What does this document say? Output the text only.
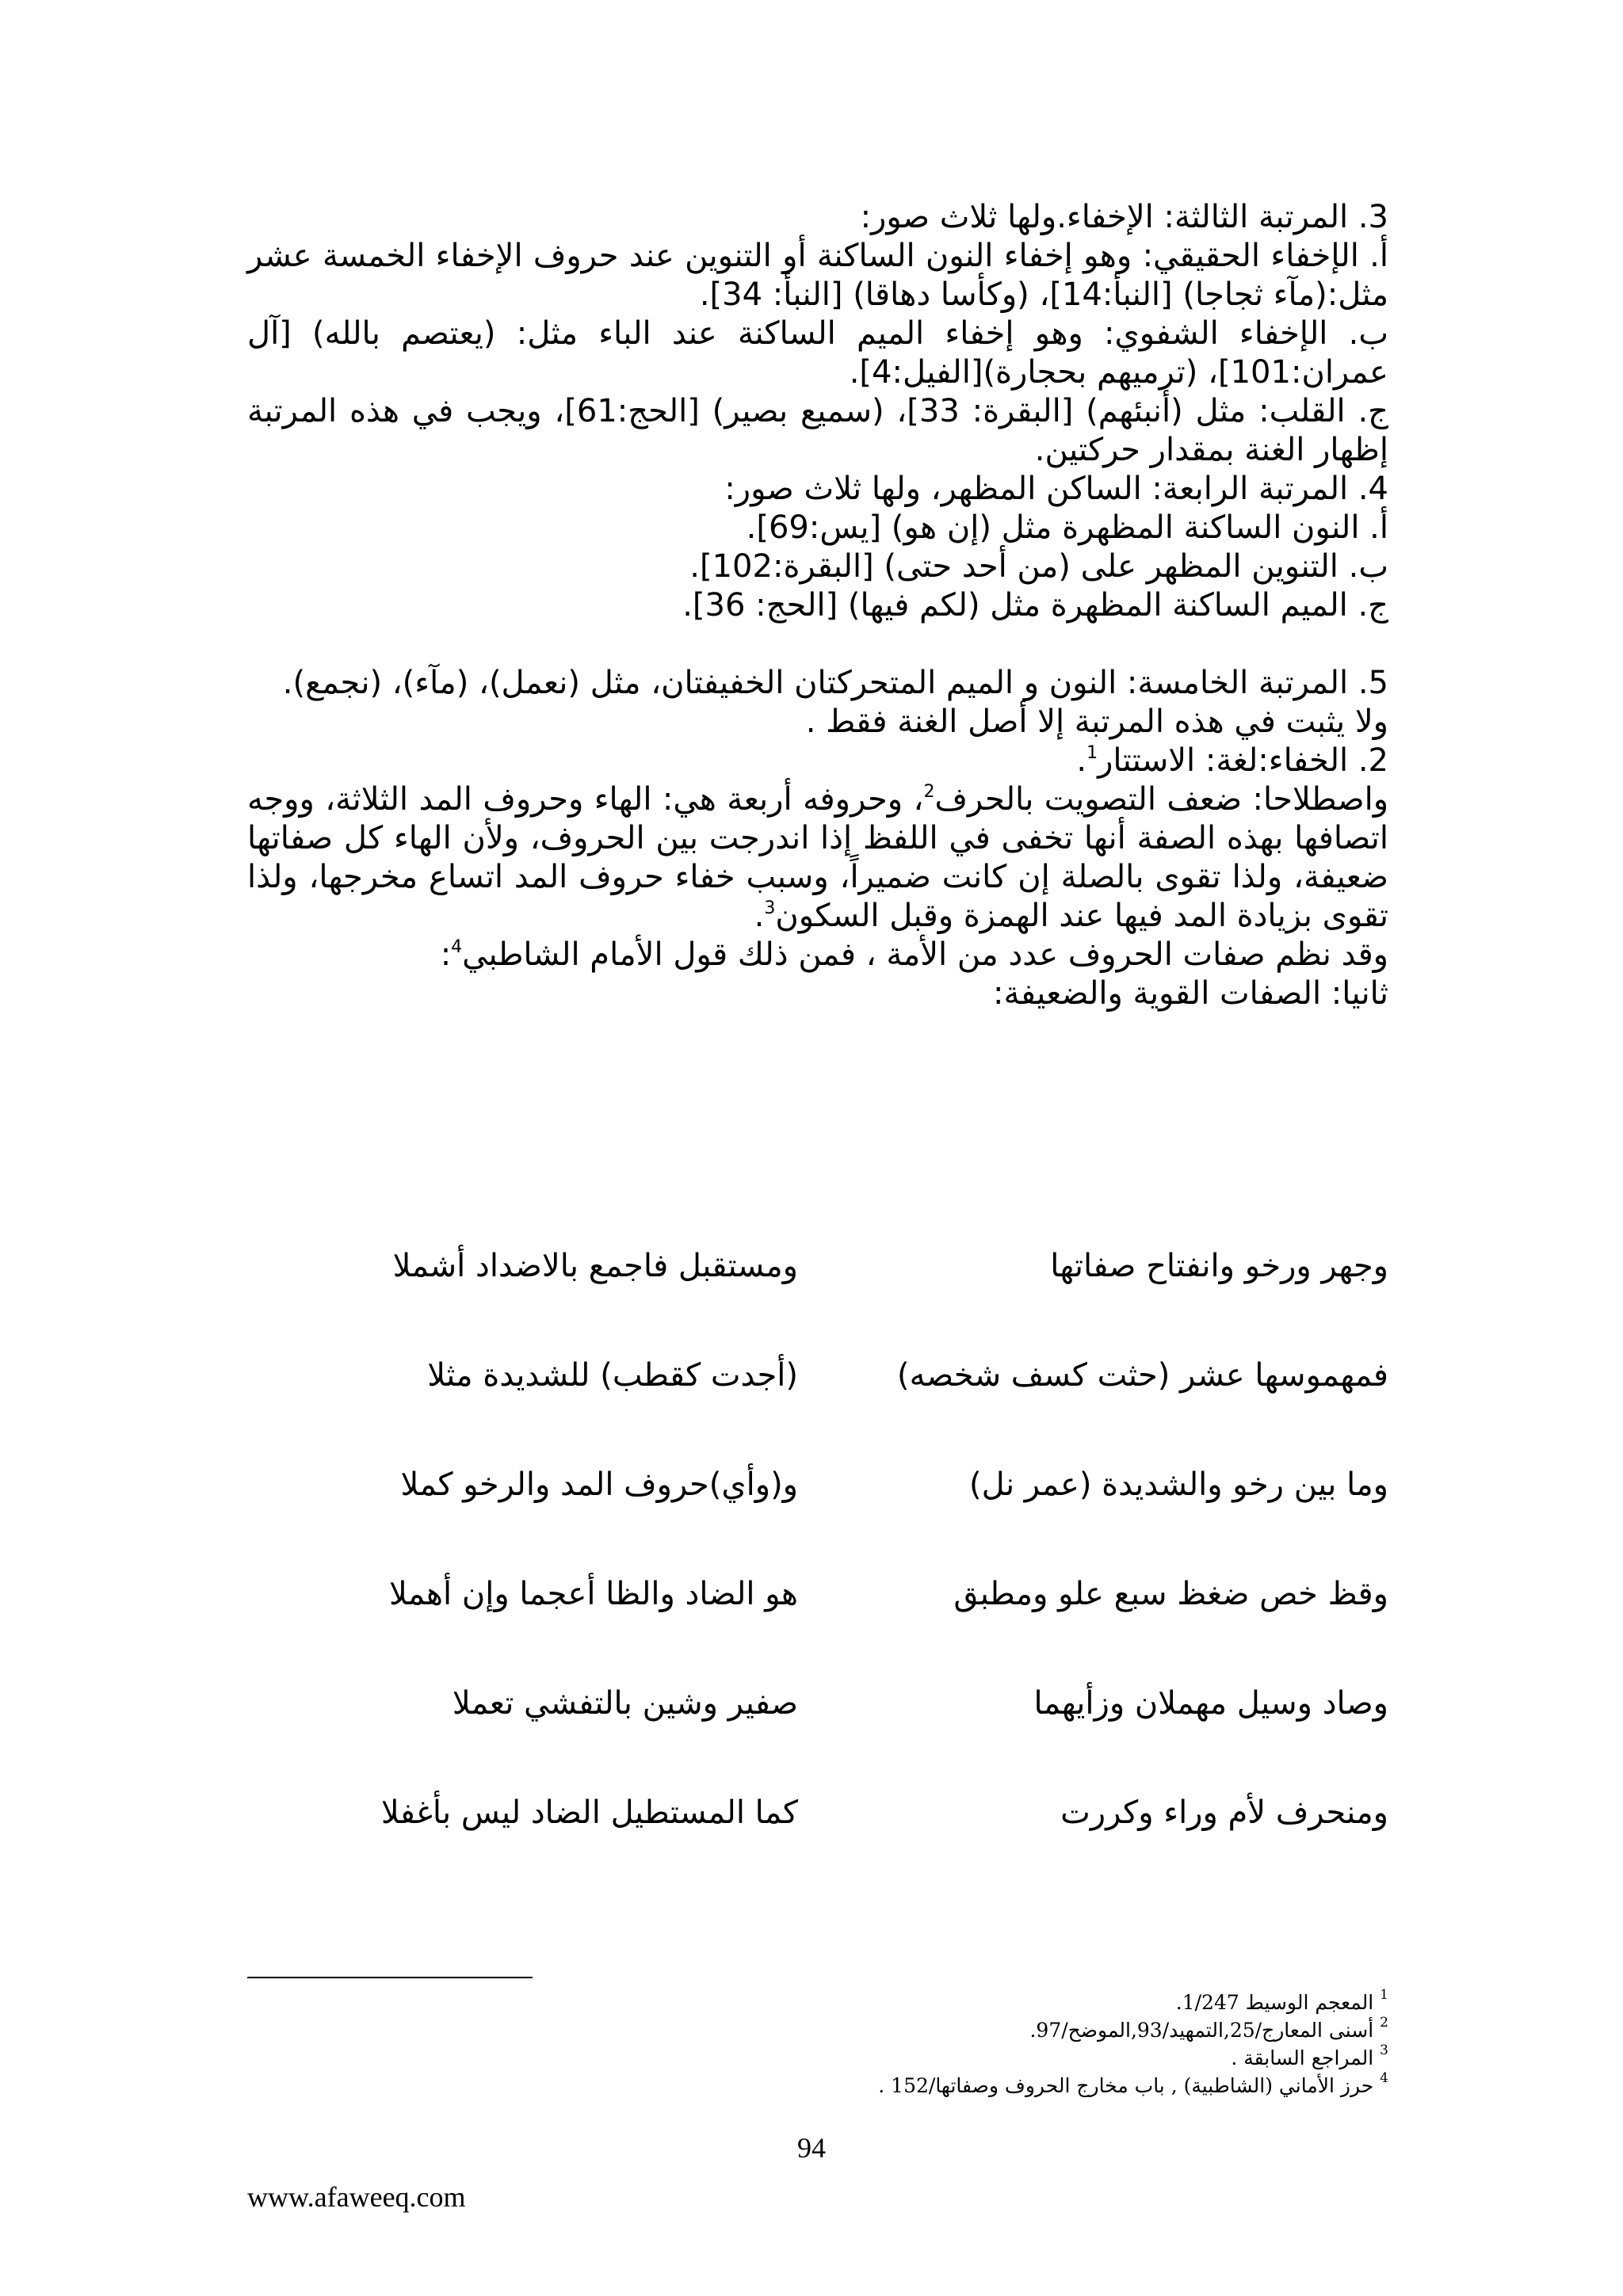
3. المرتبة الثالثة: الإخفاء.ولها ثلاث صور:

أ. الإخفاء الحقيقي: وهو إخفاء النون الساكنة أو التنوين عند حروف الإخفاء الخمسة عشر مثل:(مآء ثجاجا) [النبأ:14]، (وكأسا دهاقا) [النبأ: 34].

ب. الإخفاء الشفوي: وهو إخفاء الميم الساكنة عند الباء مثل: (يعتصم بالله) [آل عمران:101]، (ترميهم بحجارة)[الفيل:4].

ج. القلب: مثل (أنبئهم) [البقرة: 33]، (سميع بصير) [الحج:61]، ويجب في هذه المرتبة إظهار الغنة بمقدار حركتين.

4. المرتبة الرابعة: الساكن المظهر، ولها ثلاث صور:

أ. النون الساكنة المظهرة مثل (إن هو) [يس:69].

ب. التنوين المظهر على (من أحد حتى) [البقرة:102].

ج. الميم الساكنة المظهرة مثل (لكم فيها) [الحج: 36].

5. المرتبة الخامسة: النون و الميم المتحركتان الخفيفتان، مثل (نعمل)، (مآء)، (نجمع).

ولا يثبت في هذه المرتبة إلا أصل الغنة فقط .

2. الخفاء:لغة: الاستتار$^1$.

واصطلاحا: ضعف التصويت بالحرف$^2$، وحروفه أربعة هي: الهاء وحروف المد الثلاثة، ووجه اتصافها بهذه الصفة أنها تخفى في اللفظ إذا اندرجت بين الحروف، ولأن الهاء كل صفاتها ضعيفة، ولذا تقوى بالصلة إن كانت ضميراً، وسبب خفاء حروف المد اتساع مخرجها، ولذا تقوى بزيادة المد فيها عند الهمزة وقبل السكون$^3$.

وقد نظم صفات الحروف عدد من الأمة ، فمن ذلك قول الأمام الشاطبي$^4$:

ثانيا: الصفات القوية والضعيفة:

وجهر ورخو وانفتاح صفاتها
ومستقبل فاجمع بالاضداد أشملا
فمهموسها عشر (حثت كسف شخصه)
(أجدت كقطب) للشديدة مثلا
وما بين رخو والشديدة (عمر نل)
و(وأي)حروف المد والرخو كملا
وقظ خص ضغظ سبع علو ومطبق
هو الضاد والظا أعجما وإن أهملا
وصاد وسيل مهملان وزأيهما
صفير وشين بالتفشي تعملا
ومنحرف لأم وراء وكررت
كما المستطيل الضاد ليس بأغفلا

$^1$ المعجم الوسيط 1/247.

$^2$ أسنى المعارج/25,التمهيد/93,الموضح/97.

$^3$ المراجع السابقة .

$^4$ حرز الأماني (الشاطبية) , باب مخارج الحروف وصفاتها/152 .

94
www.afaweeq.com
